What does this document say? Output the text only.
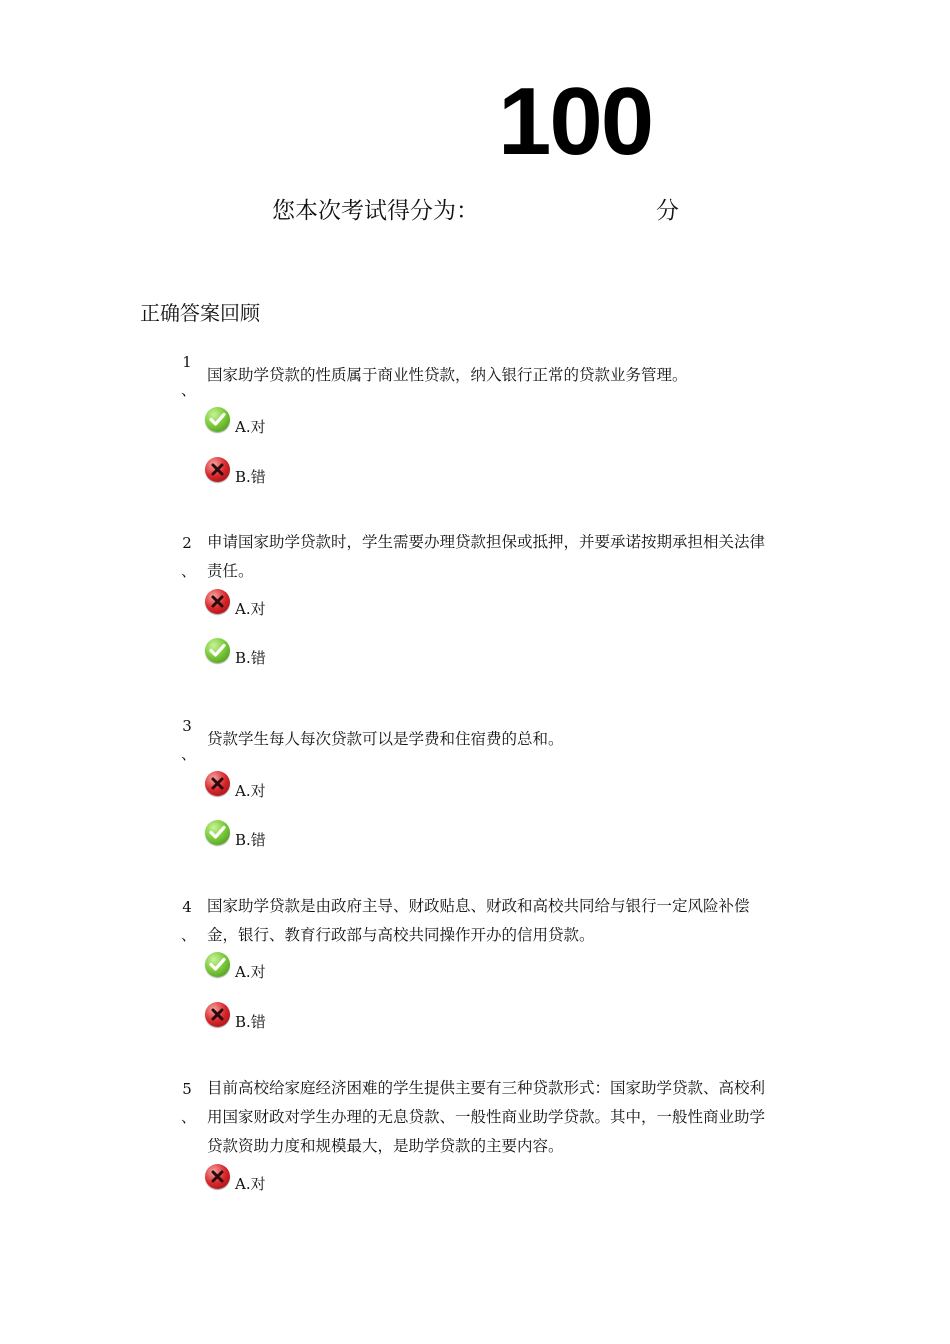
100
您本次考试得分为：	分
正确答案回顾
1
、
国家助学贷款的性质属于商业性贷款，纳入银行正常的贷款业务管理。
A.对
B.错
2
、
申请国家助学贷款时，学生需要办理贷款担保或抵押，并要承诺按期承担相关法律责任。
A.对
B.错
3
、
贷款学生每人每次贷款可以是学费和住宿费的总和。
A.对
B.错
4
、
国家助学贷款是由政府主导、财政贴息、财政和高校共同给与银行一定风险补偿金，银行、教育行政部与高校共同操作开办的信用贷款。
A.对
B.错
5
、
目前高校给家庭经济困难的学生提供主要有三种贷款形式：国家助学贷款、高校利用国家财政对学生办理的无息贷款、一般性商业助学贷款。其中，一般性商业助学贷款资助力度和规模最大，是助学贷款的主要内容。
A.对
